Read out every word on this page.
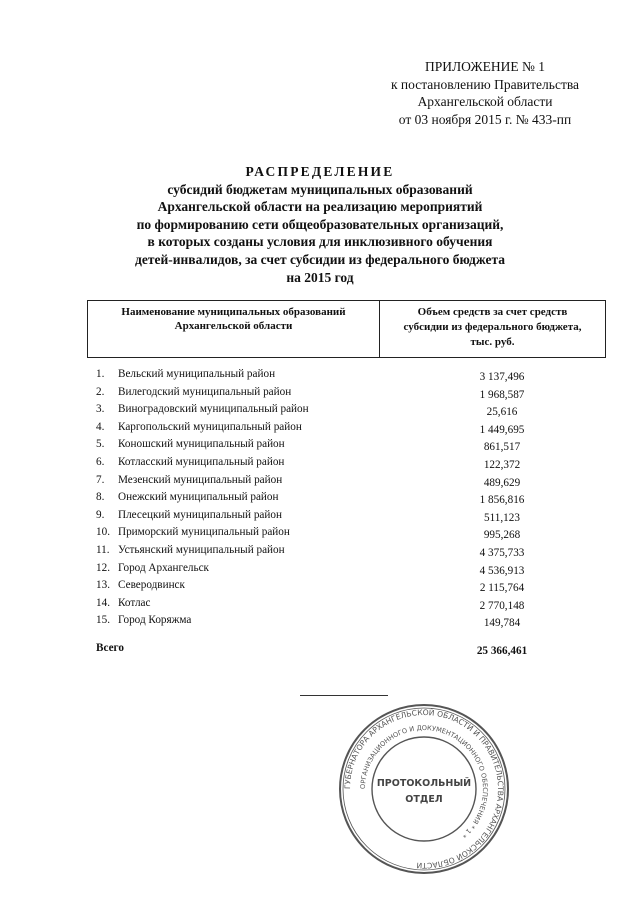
ПРИЛОЖЕНИЕ № 1
к постановлению Правительства
Архангельской области
от 03 ноября 2015 г. № 433-пп
РАСПРЕДЕЛЕНИЕ
субсидий бюджетам муниципальных образований
Архангельской области на реализацию мероприятий
по формированию сети общеобразовательных организаций,
в которых созданы условия для инклюзивного обучения
детей-инвалидов, за счет субсидии из федерального бюджета
на 2015 год
Наименование муниципальных образований
Архангельской области
Объем средств за счет средств
субсидии из федерального бюджета,
тыс. руб.
1.	Вельский муниципальный район	3 137,496
2.	Вилегодский муниципальный район	1 968,587
3.	Виноградовский муниципальный район	25,616
4.	Каргопольский муниципальный район	1 449,695
5.	Коношский муниципальный район	861,517
6.	Котласский муниципальный район	122,372
7.	Мезенский муниципальный район	489,629
8.	Онежский муниципальный район	1 856,816
9.	Плесецкий муниципальный район	511,123
10. Приморский муниципальный район	995,268
11. Устьянский муниципальный район	4 375,733
12. Город Архангельск	4 536,913
13. Северодвинск	2 115,764
14. Котлас	2 770,148
15. Город Коряжма	149,784
Всего	25 366,461
ГУБЕРНАТОРА АРХАНГЕЛЬСКОЙ ОБЛАСТИ И ПРАВИТЕЛЬСТВА АРХАНГЕЛЬСКОЙ ОБЛАСТИ
ОРГАНИЗАЦИОННОГО И ДОКУМЕНТАЦИОННОГО ОБЕСПЕЧЕНИЯ * 1 *
ПРОТОКОЛЬНЫЙ
ОТДЕЛ
